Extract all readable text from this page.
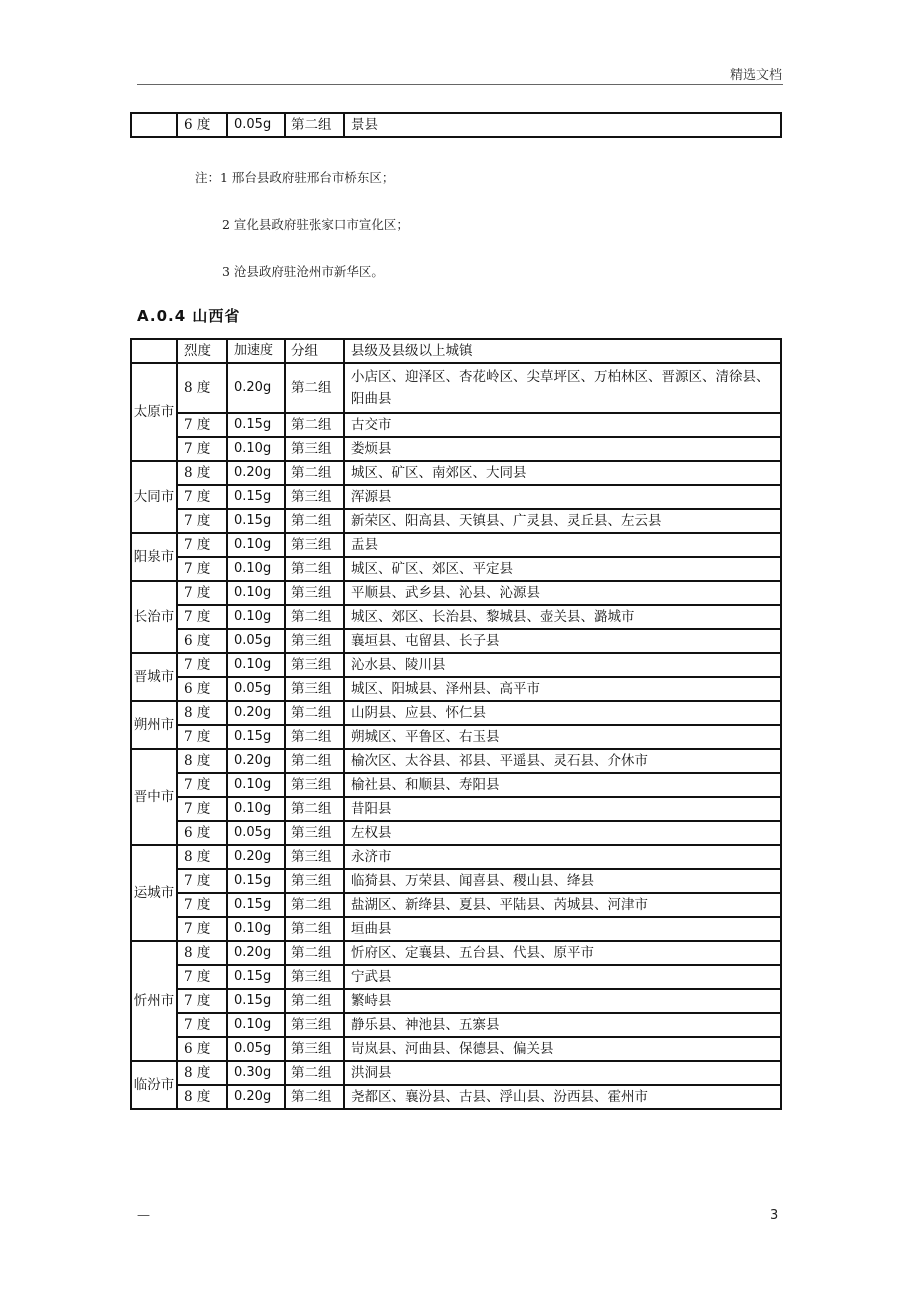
精选文档
	6 度	0.05g	第二组	景县
注：1 邢台县政府驻邢台市桥东区；
2 宣化县政府驻张家口市宣化区；
3 沧县政府驻沧州市新华区。
A.0.4 山西省
	烈度	加速度	分组	县级及县级以上城镇
太原市	8 度	0.20g	第二组	小店区、迎泽区、杏花岭区、尖草坪区、万柏林区、晋源区、清徐县、阳曲县
	7 度	0.15g	第二组	古交市
	7 度	0.10g	第三组	娄烦县
大同市	8 度	0.20g	第二组	城区、矿区、南郊区、大同县
	7 度	0.15g	第三组	浑源县
	7 度	0.15g	第二组	新荣区、阳高县、天镇县、广灵县、灵丘县、左云县
阳泉市	7 度	0.10g	第三组	盂县
	7 度	0.10g	第二组	城区、矿区、郊区、平定县
长治市	7 度	0.10g	第三组	平顺县、武乡县、沁县、沁源县
	7 度	0.10g	第二组	城区、郊区、长治县、黎城县、壶关县、潞城市
	6 度	0.05g	第三组	襄垣县、屯留县、长子县
晋城市	7 度	0.10g	第三组	沁水县、陵川县
	6 度	0.05g	第三组	城区、阳城县、泽州县、高平市
朔州市	8 度	0.20g	第二组	山阴县、应县、怀仁县
	7 度	0.15g	第二组	朔城区、平鲁区、右玉县
晋中市	8 度	0.20g	第二组	榆次区、太谷县、祁县、平遥县、灵石县、介休市
	7 度	0.10g	第三组	榆社县、和顺县、寿阳县
	7 度	0.10g	第二组	昔阳县
	6 度	0.05g	第三组	左权县
运城市	8 度	0.20g	第三组	永济市
	7 度	0.15g	第三组	临猗县、万荣县、闻喜县、稷山县、绛县
	7 度	0.15g	第二组	盐湖区、新绛县、夏县、平陆县、芮城县、河津市
	7 度	0.10g	第二组	垣曲县
忻州市	8 度	0.20g	第二组	忻府区、定襄县、五台县、代县、原平市
	7 度	0.15g	第三组	宁武县
	7 度	0.15g	第二组	繁峙县
	7 度	0.10g	第三组	静乐县、神池县、五寨县
	6 度	0.05g	第三组	岢岚县、河曲县、保德县、偏关县
临汾市	8 度	0.30g	第二组	洪洞县
	8 度	0.20g	第二组	尧都区、襄汾县、古县、浮山县、汾西县、霍州市
—	3
